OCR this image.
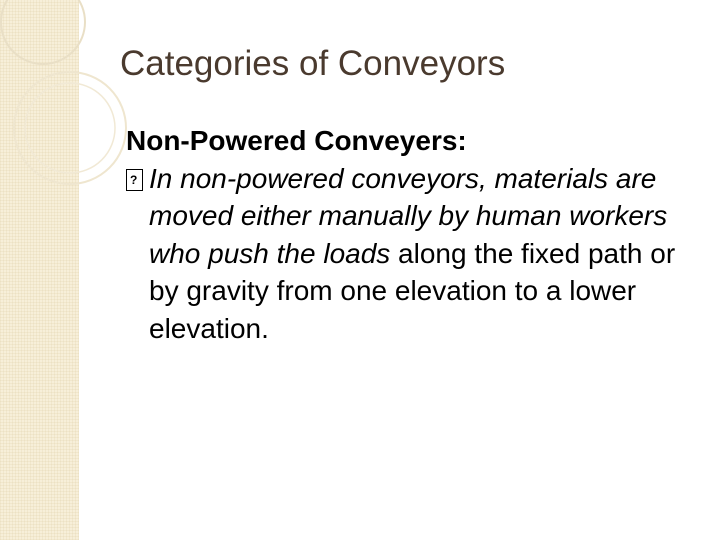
Categories of Conveyors
Non-Powered Conveyers:
? In non-powered conveyors, materials are moved either manually by human workers who push the loads along the fixed path or by gravity from one elevation to a lower elevation.
